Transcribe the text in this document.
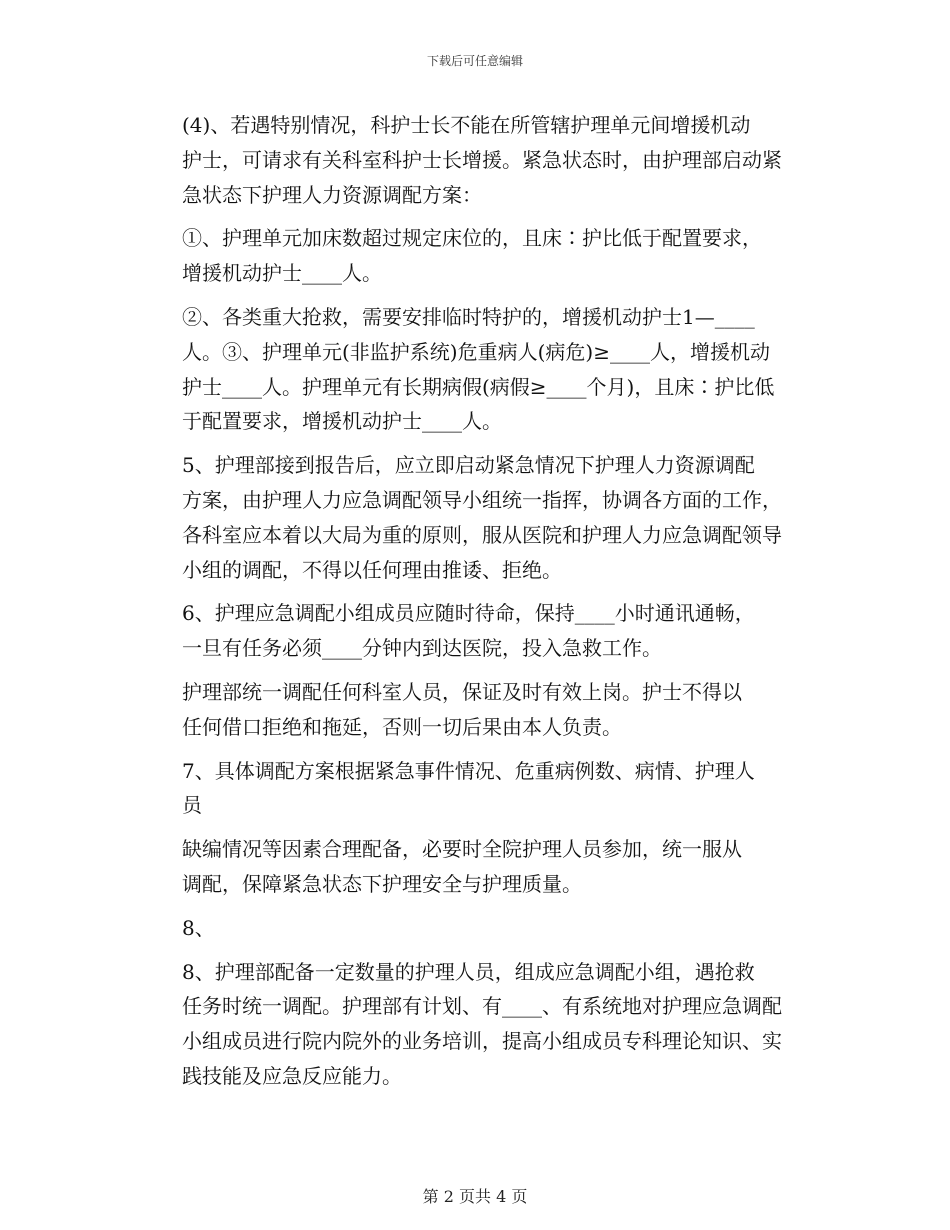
下载后可任意编辑
(4)、若遇特别情况，科护士长不能在所管辖护理单元间增援机动
护士，可请求有关科室科护士长增援。紧急状态时，由护理部启动紧
急状态下护理人力资源调配方案：
①、护理单元加床数超过规定床位的，且床∶护比低于配置要求，
增援机动护士____人。
②、各类重大抢救，需要安排临时特护的，增援机动护士1—____
人。③、护理单元(非监护系统)危重病人(病危)≥____人，增援机动
护士____人。护理单元有长期病假(病假≥____个月)，且床∶护比低
于配置要求，增援机动护士____人。
5、护理部接到报告后，应立即启动紧急情况下护理人力资源调配
方案，由护理人力应急调配领导小组统一指挥，协调各方面的工作，
各科室应本着以大局为重的原则，服从医院和护理人力应急调配领导
小组的调配，不得以任何理由推诿、拒绝。
6、护理应急调配小组成员应随时待命，保持____小时通讯通畅，
一旦有任务必须____分钟内到达医院，投入急救工作。
护理部统一调配任何科室人员，保证及时有效上岗。护士不得以
任何借口拒绝和拖延，否则一切后果由本人负责。
7、具体调配方案根据紧急事件情况、危重病例数、病情、护理人
员
缺编情况等因素合理配备，必要时全院护理人员参加，统一服从
调配，保障紧急状态下护理安全与护理质量。
8、
8、护理部配备一定数量的护理人员，组成应急调配小组，遇抢救
任务时统一调配。护理部有计划、有____、有系统地对护理应急调配
小组成员进行院内院外的业务培训，提高小组成员专科理论知识、实
践技能及应急反应能力。
第 2 页共 4 页
